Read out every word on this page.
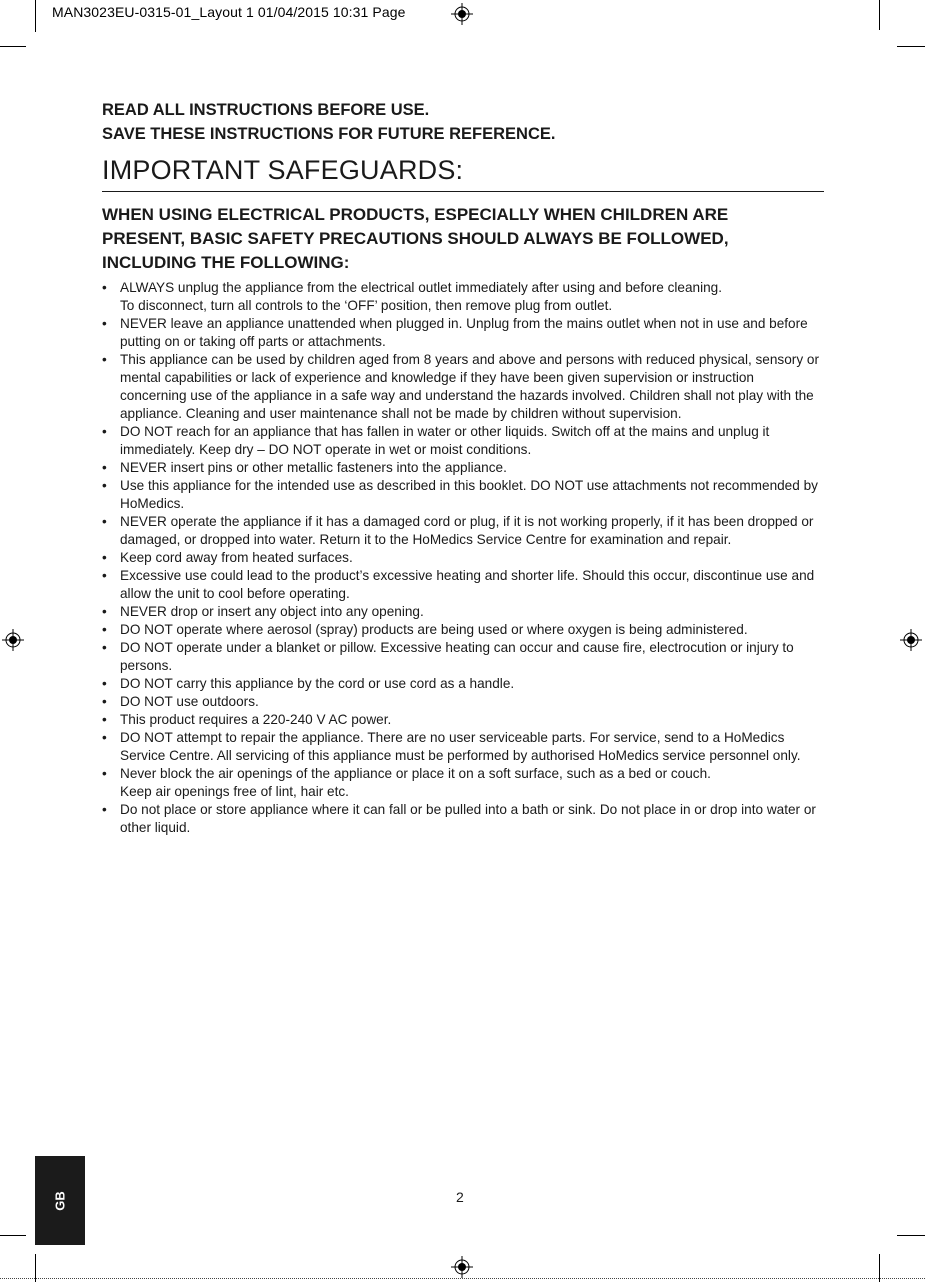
MAN3023EU-0315-01_Layout 1 01/04/2015 10:31 Page

READ ALL INSTRUCTIONS BEFORE USE.

SAVE THESE INSTRUCTIONS FOR FUTURE REFERENCE.

IMPORTANT SAFEGUARDS:
WHEN USING ELECTRICAL PRODUCTS, ESPECIALLY WHEN CHILDREN ARE PRESENT, BASIC SAFETY PRECAUTIONS SHOULD ALWAYS BE FOLLOWED, INCLUDING THE FOLLOWING:
• ALWAYS unplug the appliance from the electrical outlet immediately after using and before cleaning.
To disconnect, turn all controls to the ‘OFF’ position, then remove plug from outlet.
• NEVER leave an appliance unattended when plugged in. Unplug from the mains outlet when not in use and before putting on or taking off parts or attachments.
• This appliance can be used by children aged from 8 years and above and persons with reduced physical, sensory or mental capabilities or lack of experience and knowledge if they have been given supervision or instruction concerning use of the appliance in a safe way and understand the hazards involved. Children shall not play with the appliance. Cleaning and user maintenance shall not be made by children without supervision.
• DO NOT reach for an appliance that has fallen in water or other liquids. Switch off at the mains and unplug it immediately. Keep dry – DO NOT operate in wet or moist conditions.
• NEVER insert pins or other metallic fasteners into the appliance.
• Use this appliance for the intended use as described in this booklet. DO NOT use attachments not recommended by HoMedics.
• NEVER operate the appliance if it has a damaged cord or plug, if it is not working properly, if it has been dropped or damaged, or dropped into water. Return it to the HoMedics Service Centre for examination and repair.
• Keep cord away from heated surfaces.
• Excessive use could lead to the product’s excessive heating and shorter life. Should this occur, discontinue use and allow the unit to cool before operating.
• NEVER drop or insert any object into any opening.
• DO NOT operate where aerosol (spray) products are being used or where oxygen is being administered.
• DO NOT operate under a blanket or pillow. Excessive heating can occur and cause fire, electrocution or injury to persons.
• DO NOT carry this appliance by the cord or use cord as a handle.
• DO NOT use outdoors.
• This product requires a 220-240 V AC power.
• DO NOT attempt to repair the appliance. There are no user serviceable parts. For service, send to a HoMedics Service Centre. All servicing of this appliance must be performed by authorised HoMedics service personnel only.
• Never block the air openings of the appliance or place it on a soft surface, such as a bed or couch.
Keep air openings free of lint, hair etc.
• Do not place or store appliance where it can fall or be pulled into a bath or sink. Do not place in or drop into water or other liquid.
GB	2
